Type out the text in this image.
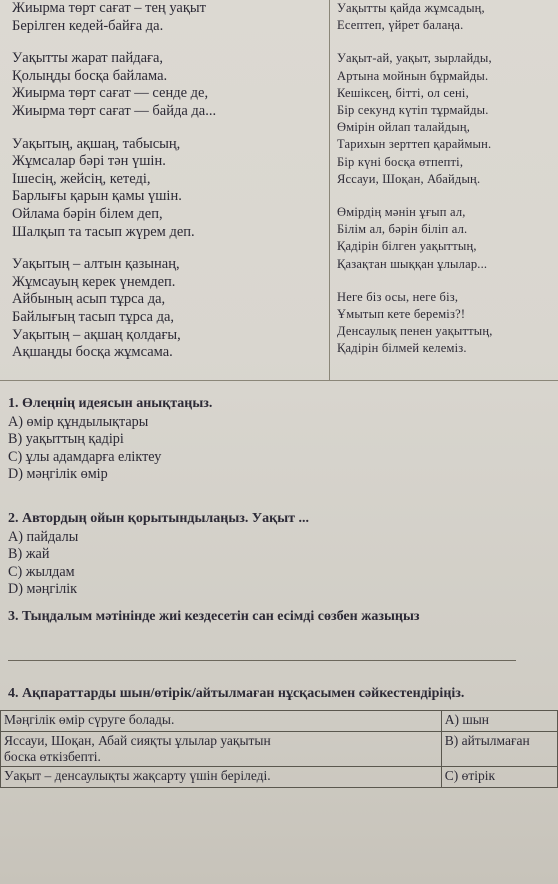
Жиырма төрт сағат – тең уақыт
Берілген кедей-байға да.
Уақытты жарат пайдаға,
Қолыңды босқа байлама.
Жиырма төрт сағат — сенде де,
Жиырма төрт сағат — байда да...
Уақытың, ақшаң, табысың,
Жұмсалар бәрі тән үшін.
Ішесің, жейсің, кетеді,
Барлығы қарын қамы үшін.
Ойлама бәрін білем деп,
Шалқып та тасып жүрем деп.
Уақытың – алтын қазынаң,
Жұмсауың керек үнемдеп.
Айбының асып тұрса да,
Байлығың тасып тұрса да,
Уақытың – ақшаң қолдағы,
Ақшаңды босқа жұмсама.
Уақытты қайда жұмсадың,
Есептеп, үйрет балаңа.
Уақыт-ай, уақыт, зырлайды,
Артына мойнын бұрмайды.
Кешіксең, бітті, ол сені,
Бір секунд күтіп тұрмайды.
Өмірін ойлап талайдың,
Тарихын зерттеп қараймын.
Бір күні босқа өтпепті,
Яссауи, Шоқан, Абайдың.
Өмірдің мәнін ұғып ал,
Білім ал, бәрін біліп ал.
Қадірін білген уақыттың,
Қазақтан шыққан ұлылар...
Неге біз осы, неге біз,
Ұмытып кете береміз?!
Денсаулық пенен уақыттың,
Қадірін білмей келеміз.
1. Өлеңнің идеясын анықтаңыз.
А) өмір құндылықтары
В) уақыттың қадірі
С) ұлы адамдарға еліктеу
D) мәңгілік өмір
2. Автордың ойын қорытындылаңыз. Уақыт ...
А) пайдалы
В) жай
С) жылдам
D) мәңгілік
3. Тыңдалым мәтінінде жиі кездесетін сан есімді сөзбен жазыңыз
4. Ақпараттарды шын/өтірік/айтылмаған нұсқасымен сәйкестендіріңіз.
Мәңгілік өмір сүруге болады.	А) шын
Яссауи, Шоқан, Абай сияқты ұлылар уақытын
боска өткізбепті.	В) айтылмаған
Уақыт – денсаулықты жақсарту үшін беріледі.	С) өтірік
